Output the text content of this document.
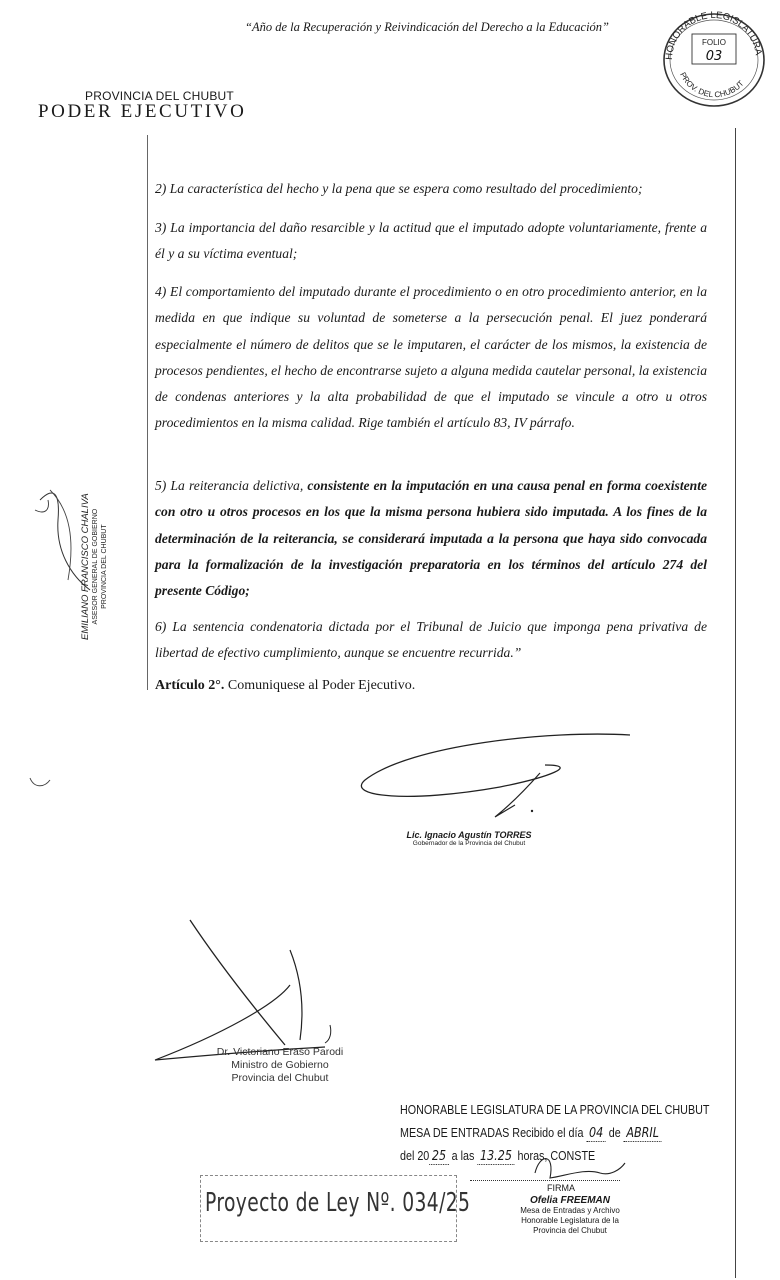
“Año de la Recuperación y Reivindicación del Derecho a la Educación”
PROVINCIA DEL CHUBUT
PODER EJECUTIVO
HONORABLE LEGISLATURA
PROV. DEL CHUBUT
FOLIO
03
2) La característica del hecho y la pena que se espera como resultado del procedimiento;
3) La importancia del daño resarcible y la actitud que el imputado adopte voluntariamente, frente a él y a su víctima eventual;
4) El comportamiento del imputado durante el procedimiento o en otro procedimiento anterior, en la medida en que indique su voluntad de someterse a la persecución penal. El juez ponderará especialmente el número de delitos que se le imputaren, el carácter de los mismos, la existencia de procesos pendientes, el hecho de encontrarse sujeto a alguna medida cautelar personal, la existencia de condenas anteriores y la alta probabilidad de que el imputado se vincule a otro u otros procedimientos en la misma calidad. Rige también el artículo 83, IV párrafo.
5) La reiterancia delictiva, consistente en la imputación en una causa penal en forma coexistente con otro u otros procesos en los que la misma persona hubiera sido imputada. A los fines de la determinación de la reiterancia, se considerará imputada a la persona que haya sido convocada para la formalización de la investigación preparatoria en los términos del artículo 274 del presente Código;
6) La sentencia condenatoria dictada por el Tribunal de Juicio que imponga pena privativa de libertad de efectivo cumplimiento, aunque se encuentre recurrida.”
Artículo 2°. Comuniquese al Poder Ejecutivo.
EMILIANO FRANCISCO CHALIVA ASESOR GENERAL DE GOBIERNO PROVINCIA DEL CHUBUT
Lic. Ignacio Agustín TORRES
Gobernador de la Provincia del Chubut
Dr. Victoriano Eraso Parodi
Ministro de Gobierno
Provincia del Chubut
HONORABLE LEGISLATURA DE LA PROVINCIA DEL CHUBUT
MESA DE ENTRADAS Recibido el día 04 de ABRIL
del 20 25 a las 13.25 horas, CONSTE
FIRMA
Ofelia FREEMAN
Mesa de Entradas y Archivo
Honorable Legislatura de la
Provincia del Chubut
Proyecto de Ley Nº. 034/25
